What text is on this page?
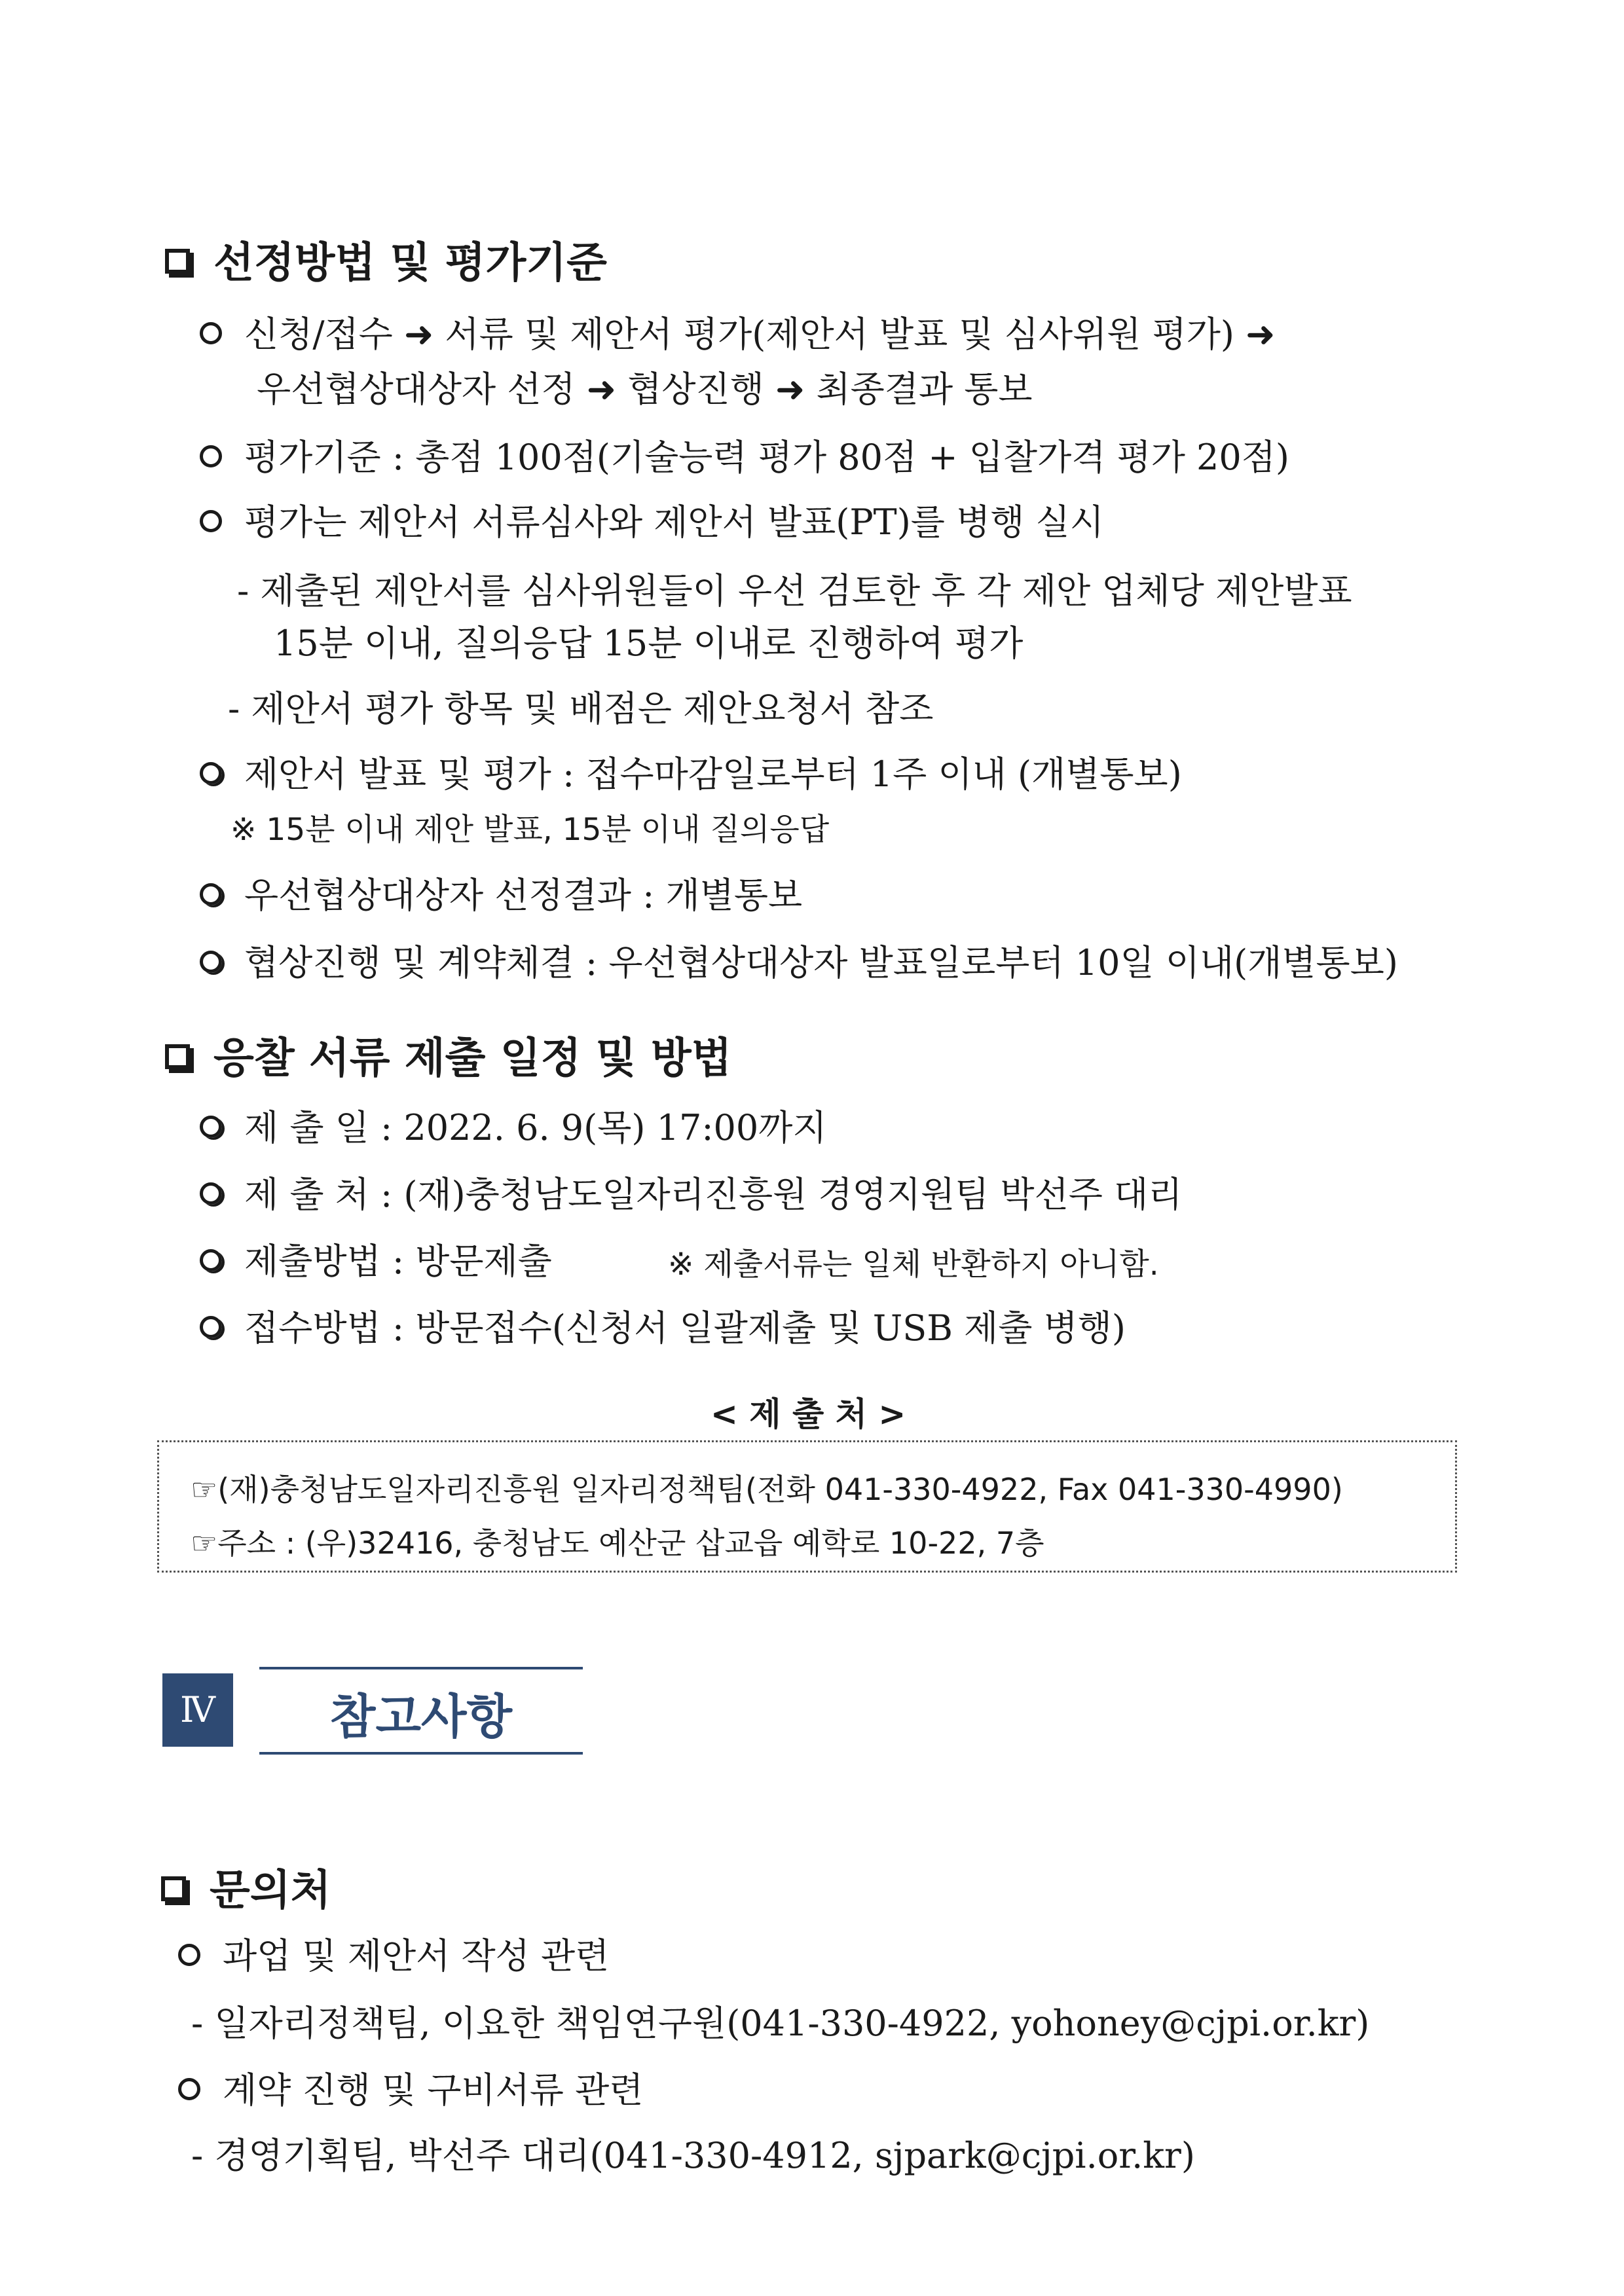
선정방법 및 평가기준
신청/접수 ➜ 서류 및 제안서 평가(제안서 발표 및 심사위원 평가) ➜
우선협상대상자 선정 ➜ 협상진행 ➜ 최종결과 통보
평가기준 : 총점 100점(기술능력 평가 80점 + 입찰가격 평가 20점)
평가는 제안서 서류심사와 제안서 발표(PT)를 병행 실시
- 제출된 제안서를 심사위원들이 우선 검토한 후 각 제안 업체당 제안발표
15분 이내, 질의응답 15분 이내로 진행하여 평가
- 제안서 평가 항목 및 배점은 제안요청서 참조
제안서 발표 및 평가 : 접수마감일로부터 1주 이내 (개별통보)
※ 15분 이내 제안 발표, 15분 이내 질의응답
우선협상대상자 선정결과 : 개별통보
협상진행 및 계약체결 : 우선협상대상자 발표일로부터 10일 이내(개별통보)
응찰 서류 제출 일정 및 방법
제 출 일 : 2022. 6. 9(목) 17:00까지
제 출 처 : (재)충청남도일자리진흥원 경영지원팀 박선주 대리
제출방법 : 방문제출	※ 제출서류는 일체 반환하지 아니함.
접수방법 : 방문접수(신청서 일괄제출 및 USB 제출 병행)
< 제 출 처 >
☞(재)충청남도일자리진흥원 일자리정책팀(전화 041-330-4922, Fax 041-330-4990)
☞주소 : (우)32416, 충청남도 예산군 삽교읍 예학로 10-22, 7층
Ⅳ	참고사항
문의처
과업 및 제안서 작성 관련
- 일자리정책팀, 이요한 책임연구원(041-330-4922, yohoney@cjpi.or.kr)
계약 진행 및 구비서류 관련
- 경영기획팀, 박선주 대리(041-330-4912, sjpark@cjpi.or.kr)
